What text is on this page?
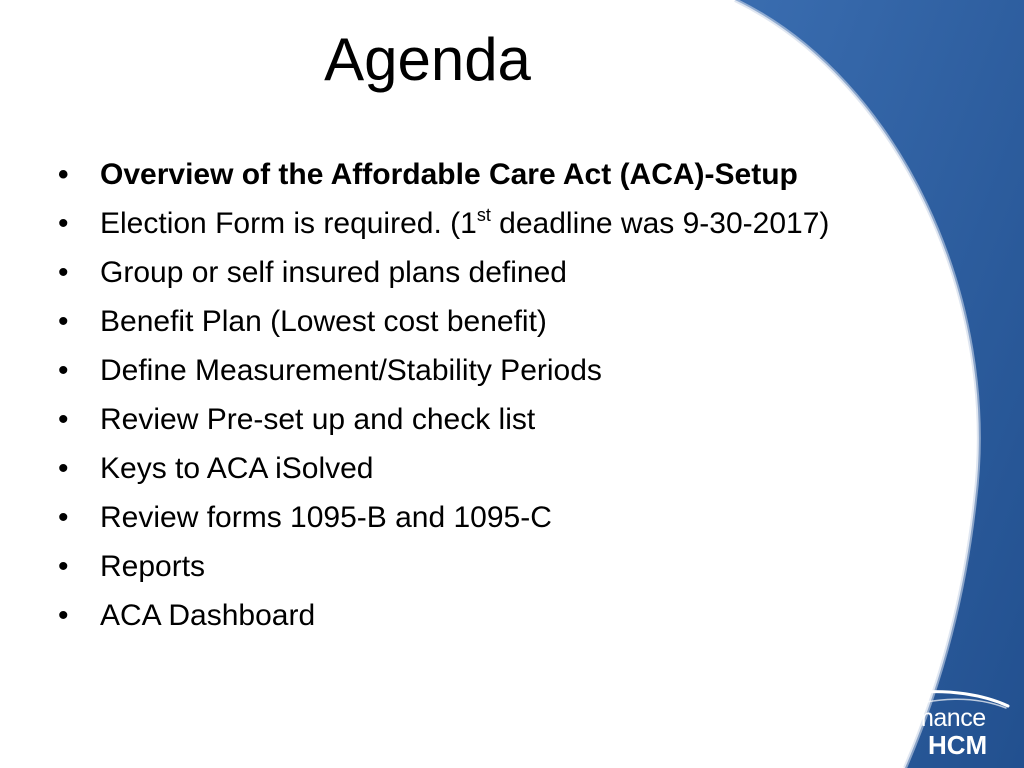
Agenda
• Overview of the Affordable Care Act (ACA)-Setup
• Election Form is required. (1st deadline was 9-30-2017)
• Group or self insured plans defined
• Benefit Plan (Lowest cost benefit)
• Define Measurement/Stability Periods
• Review Pre-set up and check list
• Keys to ACA iSolved
• Review forms 1095-B and 1095-C
• Reports
• ACA Dashboard
Performance
HCM
